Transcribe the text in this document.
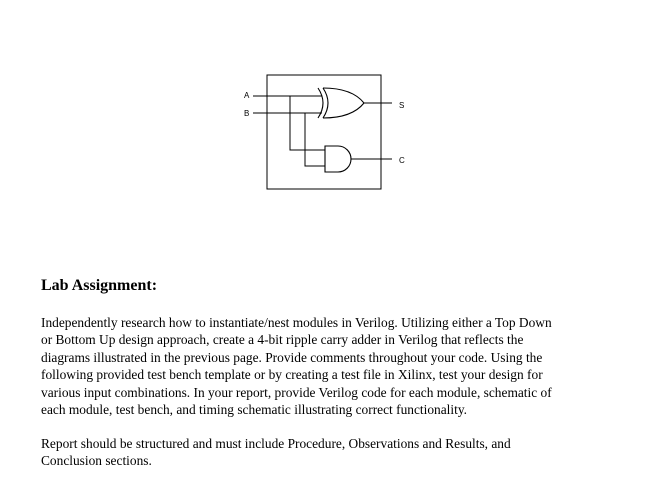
A
B
S
C
Lab Assignment:

Independently research how to instantiate/nest modules in Verilog. Utilizing either a Top Down
or Bottom Up design approach, create a 4-bit ripple carry adder in Verilog that reflects the
diagrams illustrated in the previous page. Provide comments throughout your code. Using the
following provided test bench template or by creating a test file in Xilinx, test your design for
various input combinations. In your report, provide Verilog code for each module, schematic of
each module, test bench, and timing schematic illustrating correct functionality.

Report should be structured and must include Procedure, Observations and Results, and
Conclusion sections.
